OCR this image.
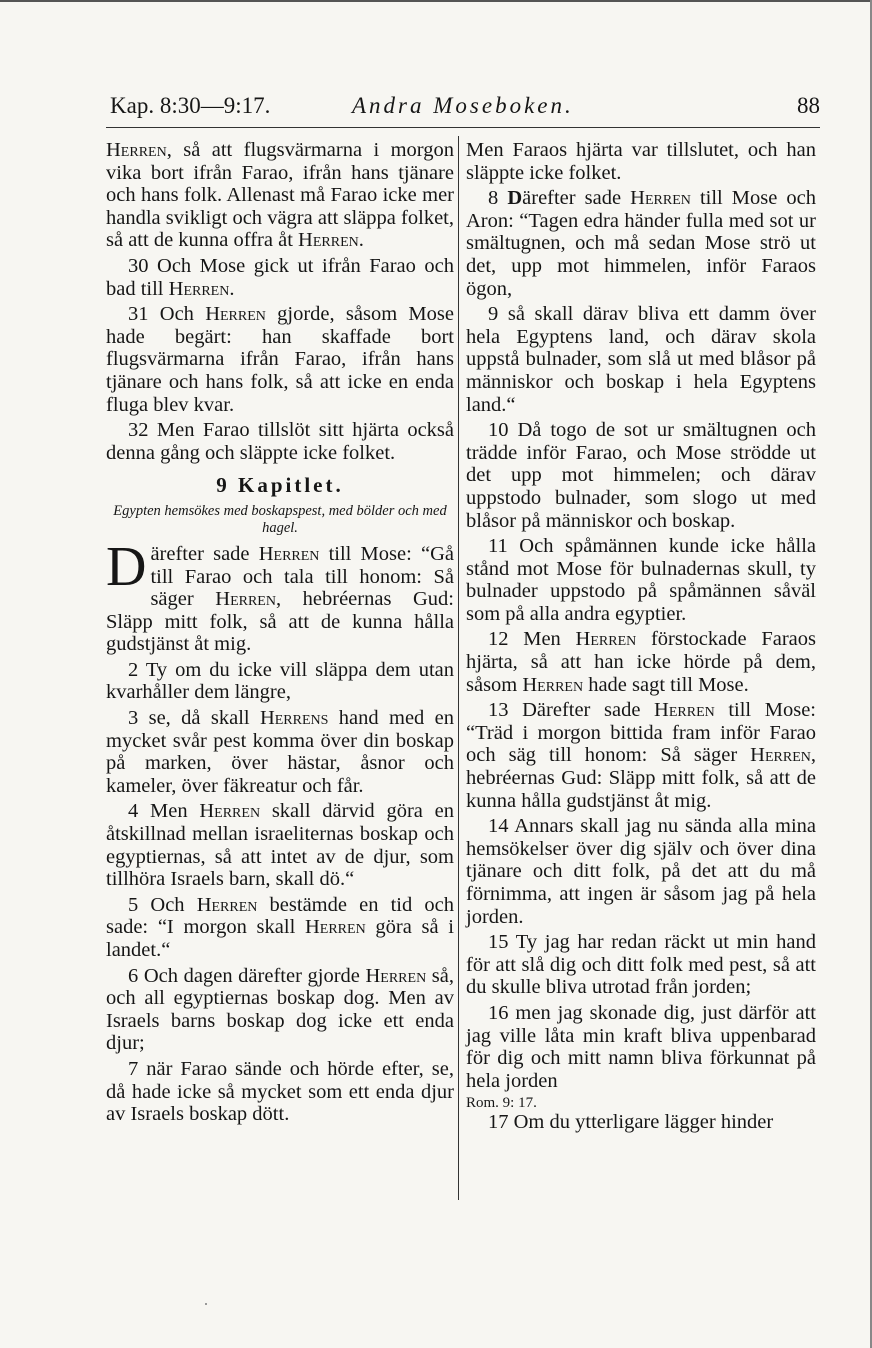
Kap. 8:30—9:17.	Andra Moseboken.	88

Herren, så att flugsvärmarna i morgon vika bort ifrån Farao, ifrån hans tjänare och hans folk. Allenast må Farao icke mer handla svikligt och vägra att släppa folket, så att de kunna offra åt Herren.

30 Och Mose gick ut ifrån Farao och bad till Herren.

31 Och Herren gjorde, såsom Mose hade begärt: han skaffade bort flugsvärmarna ifrån Farao, ifrån hans tjänare och hans folk, så att icke en enda fluga blev kvar.

32 Men Farao tillslöt sitt hjärta också denna gång och släppte icke folket.

9 Kapitlet.
Egypten hemsökes med boskapspest, med bölder och med hagel.

Därefter sade Herren till Mose: “Gå till Farao och tala till honom: Så säger Herren, hebréernas Gud: Släpp mitt folk, så att de kunna hålla gudstjänst åt mig.

2 Ty om du icke vill släppa dem utan kvarhåller dem längre,

3 se, då skall Herrens hand med en mycket svår pest komma över din boskap på marken, över hästar, åsnor och kameler, över fäkreatur och får.

4 Men Herren skall därvid göra en åtskillnad mellan israeliternas boskap och egyptiernas, så att intet av de djur, som tillhöra Israels barn, skall dö.“

5 Och Herren bestämde en tid och sade: “I morgon skall Herren göra så i landet.“

6 Och dagen därefter gjorde Herren så, och all egyptiernas boskap dog. Men av Israels barns boskap dog icke ett enda djur;

7 när Farao sände och hörde efter, se, då hade icke så mycket som ett enda djur av Israels boskap dött.

Men Faraos hjärta var tillslutet, och han släppte icke folket.

8 Därefter sade Herren till Mose och Aron: “Tagen edra händer fulla med sot ur smältugnen, och må sedan Mose strö ut det, upp mot himmelen, inför Faraos ögon,

9 så skall därav bliva ett damm över hela Egyptens land, och därav skola uppstå bulnader, som slå ut med blåsor på människor och boskap i hela Egyptens land.“

10 Då togo de sot ur smältugnen och trädde inför Farao, och Mose strödde ut det upp mot himmelen; och därav uppstodo bulnader, som slogo ut med blåsor på människor och boskap.

11 Och spåmännen kunde icke hålla stånd mot Mose för bulnadernas skull, ty bulnader uppstodo på spåmännen såväl som på alla andra egyptier.

12 Men Herren förstockade Faraos hjärta, så att han icke hörde på dem, såsom Herren hade sagt till Mose.

13 Därefter sade Herren till Mose: “Träd i morgon bittida fram inför Farao och säg till honom: Så säger Herren, hebréernas Gud: Släpp mitt folk, så att de kunna hålla gudstjänst åt mig.

14 Annars skall jag nu sända alla mina hemsökelser över dig själv och över dina tjänare och ditt folk, på det att du må förnimma, att ingen är såsom jag på hela jorden.

15 Ty jag har redan räckt ut min hand för att slå dig och ditt folk med pest, så att du skulle bliva utrotad från jorden;

16 men jag skonade dig, just därför att jag ville låta min kraft bliva uppenbarad för dig och mitt namn bliva förkunnat på hela jorden

Rom. 9: 17.

17 Om du ytterligare lägger hinder
